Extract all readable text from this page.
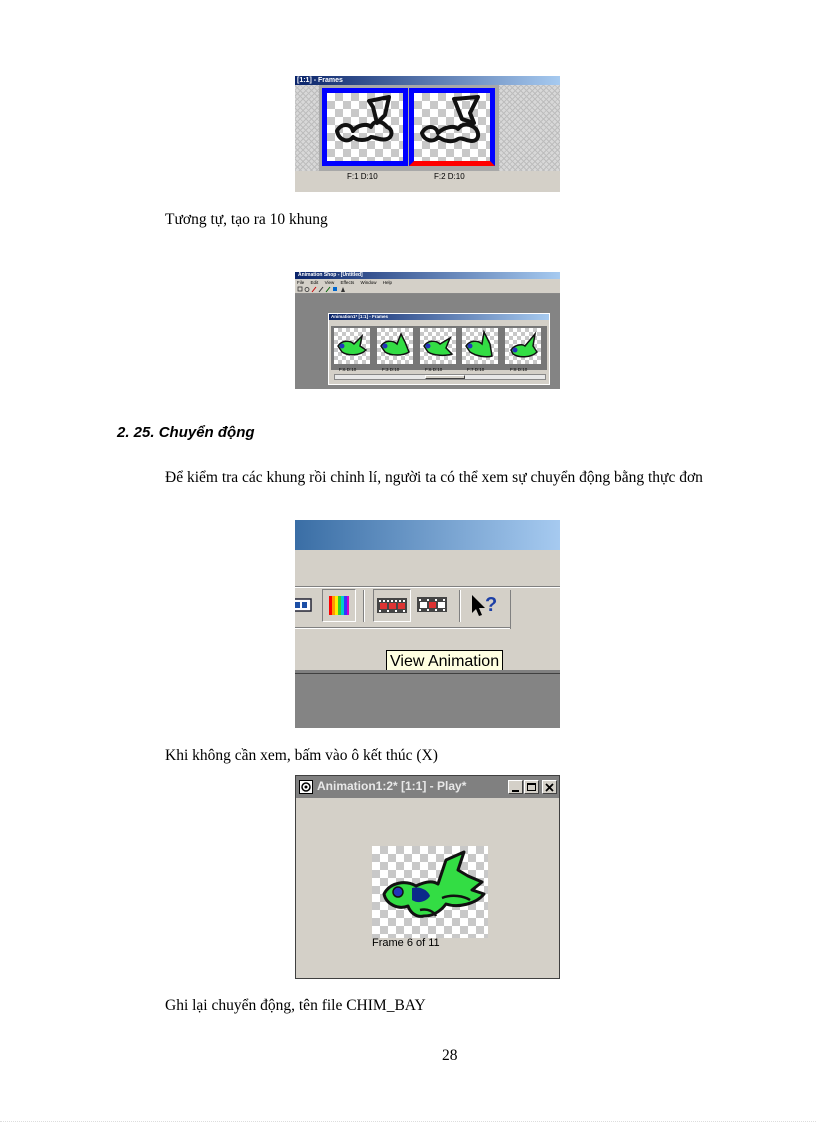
[1:1] - Frames
F:1 D:10	F:2 D:10
Tương tự, tạo ra 10 khung
Animation Shop - [Untitled]
File Edit View Effects Window Help
Animation1* [1:1] - Frames
F:6 D:10	F:3 D:10	F:6 D:10	F:7 D:10	F:8 D:10
2. 25. Chuyển động
Để kiểm tra các khung rồi chỉnh lí, người ta có thể xem sự chuyển động bằng thực đơn
?
View Animation
Khi không cần xem, bấm vào ô kết thúc (X)
Animation1:2* [1:1] - Play*
Frame 6 of 11
Ghi lại chuyển động, tên file CHIM_BAY
28
